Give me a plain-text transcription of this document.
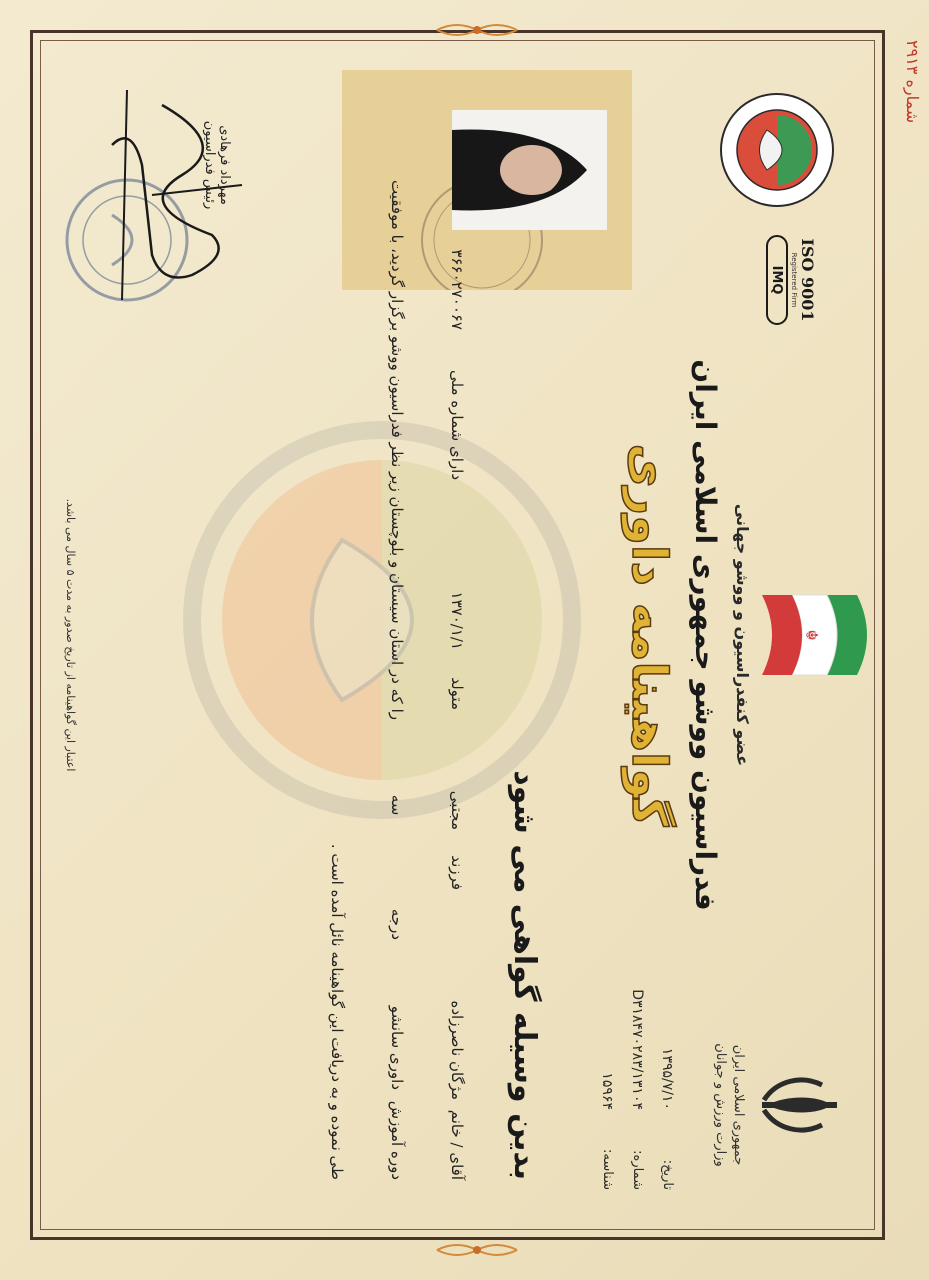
شماره ۲۹۱۳
جمهوری اسلامی ایران
وزارت ورزش و جوانان
تاریخ:
۱۳۹۵/۷/۱۰
شماره:
D۳۱۸۴۷۰۲۸۳/۱۳۱۰۴
شناسه:
۱۵۹۶۴
☬
عضو کنفدراسیون و ووشو جهانی
فدراسیون ووشو جمهوری اسلامی ایران
گواهینامه داوری
ISO 9001
Registered Firm
IMQ
بدین وسیله گواهی می شود
آقای / خانم
مژگان ناصرزاده
فرزند
مجتبی
متولد
۱۳۷۰/۱/۱
دارای شماره ملی
۳۶۶۰۲۷۰۰۶۷
دوره آموزش
داوری سانشو
درجه
سه
را که در استان سیستان و بلوچستان زیر نظر فدراسیون ووشو برگزار گردید، با موفقیت
طی نموده و به دریافت این گواهینامه نائل آمده است .
مهرداد فرهادی
رئیس فدراسیون
اعتبار این گواهینامه از تاریخ صدور به مدت ۵ سال می باشد.
